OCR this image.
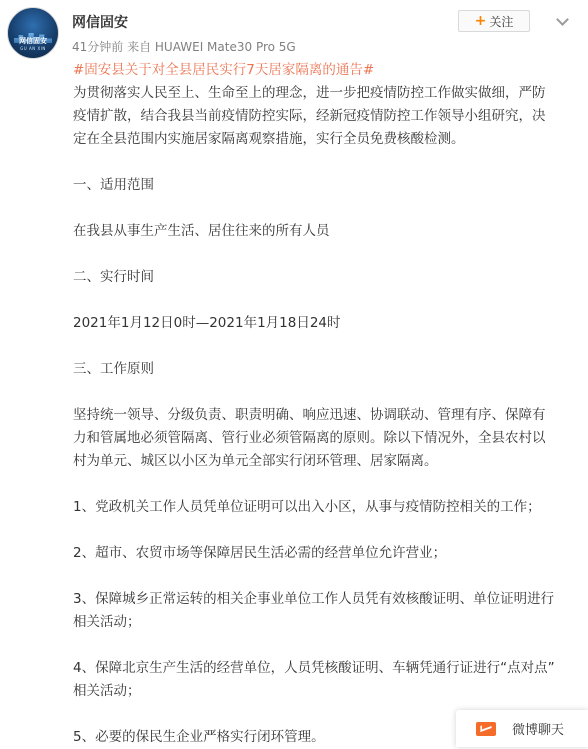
网信固安
GU AN XIN
网信固安
41分钟前 来自 HUAWEI Mate30 Pro 5G
+ 关注

#固安县关于对全县居民实行7天居家隔离的通告#

为贯彻落实人民至上、生命至上的理念，进一步把疫情防控工作做实做细，严防

疫情扩散，结合我县当前疫情防控实际，经新冠疫情防控工作领导小组研究，决

定在全县范围内实施居家隔离观察措施，实行全员免费核酸检测。

一、适用范围

在我县从事生产生活、居住往来的所有人员

二、实行时间

2021年1月12日0时—2021年1月18日24时

三、工作原则

坚持统一领导、分级负责、职责明确、响应迅速、协调联动、管理有序、保障有

力和管属地必须管隔离、管行业必须管隔离的原则。除以下情况外，全县农村以

村为单元、城区以小区为单元全部实行闭环管理、居家隔离。

1、党政机关工作人员凭单位证明可以出入小区，从事与疫情防控相关的工作；

2、超市、农贸市场等保障居民生活必需的经营单位允许营业；

3、保障城乡正常运转的相关企事业单位工作人员凭有效核酸证明、单位证明进行

相关活动；

4、保障北京生产生活的经营单位，人员凭核酸证明、车辆凭通行证进行“点对点”

相关活动；

5、必要的保民生企业严格实行闭环管理。	微博聊天
